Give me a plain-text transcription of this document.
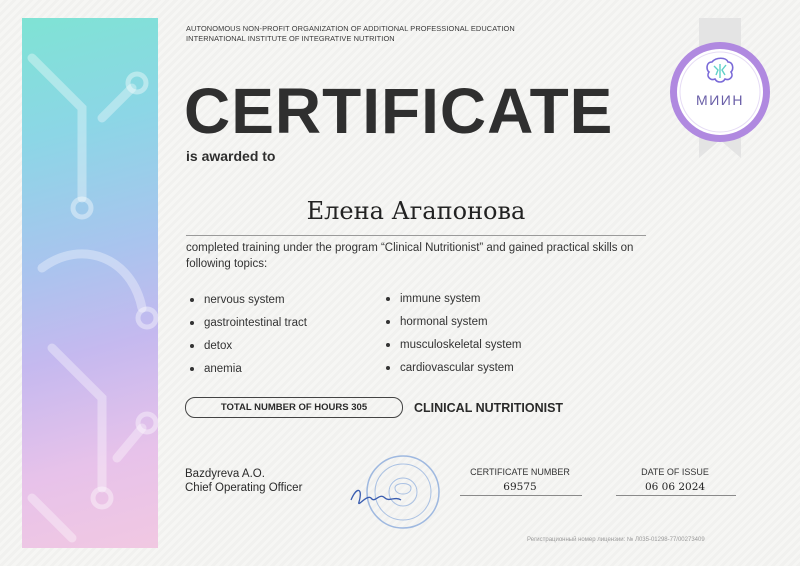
AUTONOMOUS NON-PROFIT ORGANIZATION OF ADDITIONAL PROFESSIONAL EDUCATION
INTERNATIONAL INSTITUTE OF INTEGRATIVE NUTRITION
МИИН
CERTIFICATE
is awarded to
Елена Агапонова
completed training under the program “Clinical Nutritionist” and gained practical skills on following topics:
nervous system
gastrointestinal tract
detox
anemia
immune system
hormonal system
musculoskeletal system
cardiovascular system
TOTAL NUMBER OF HOURS 305	CLINICAL NUTRITIONIST
Bazdyreva A.O.
Chief Operating Officer
CERTIFICATE NUMBER
69575
DATE OF ISSUE
06 06 2024
Регистрационный номер лицензии: № Л035-01298-77/00273409
